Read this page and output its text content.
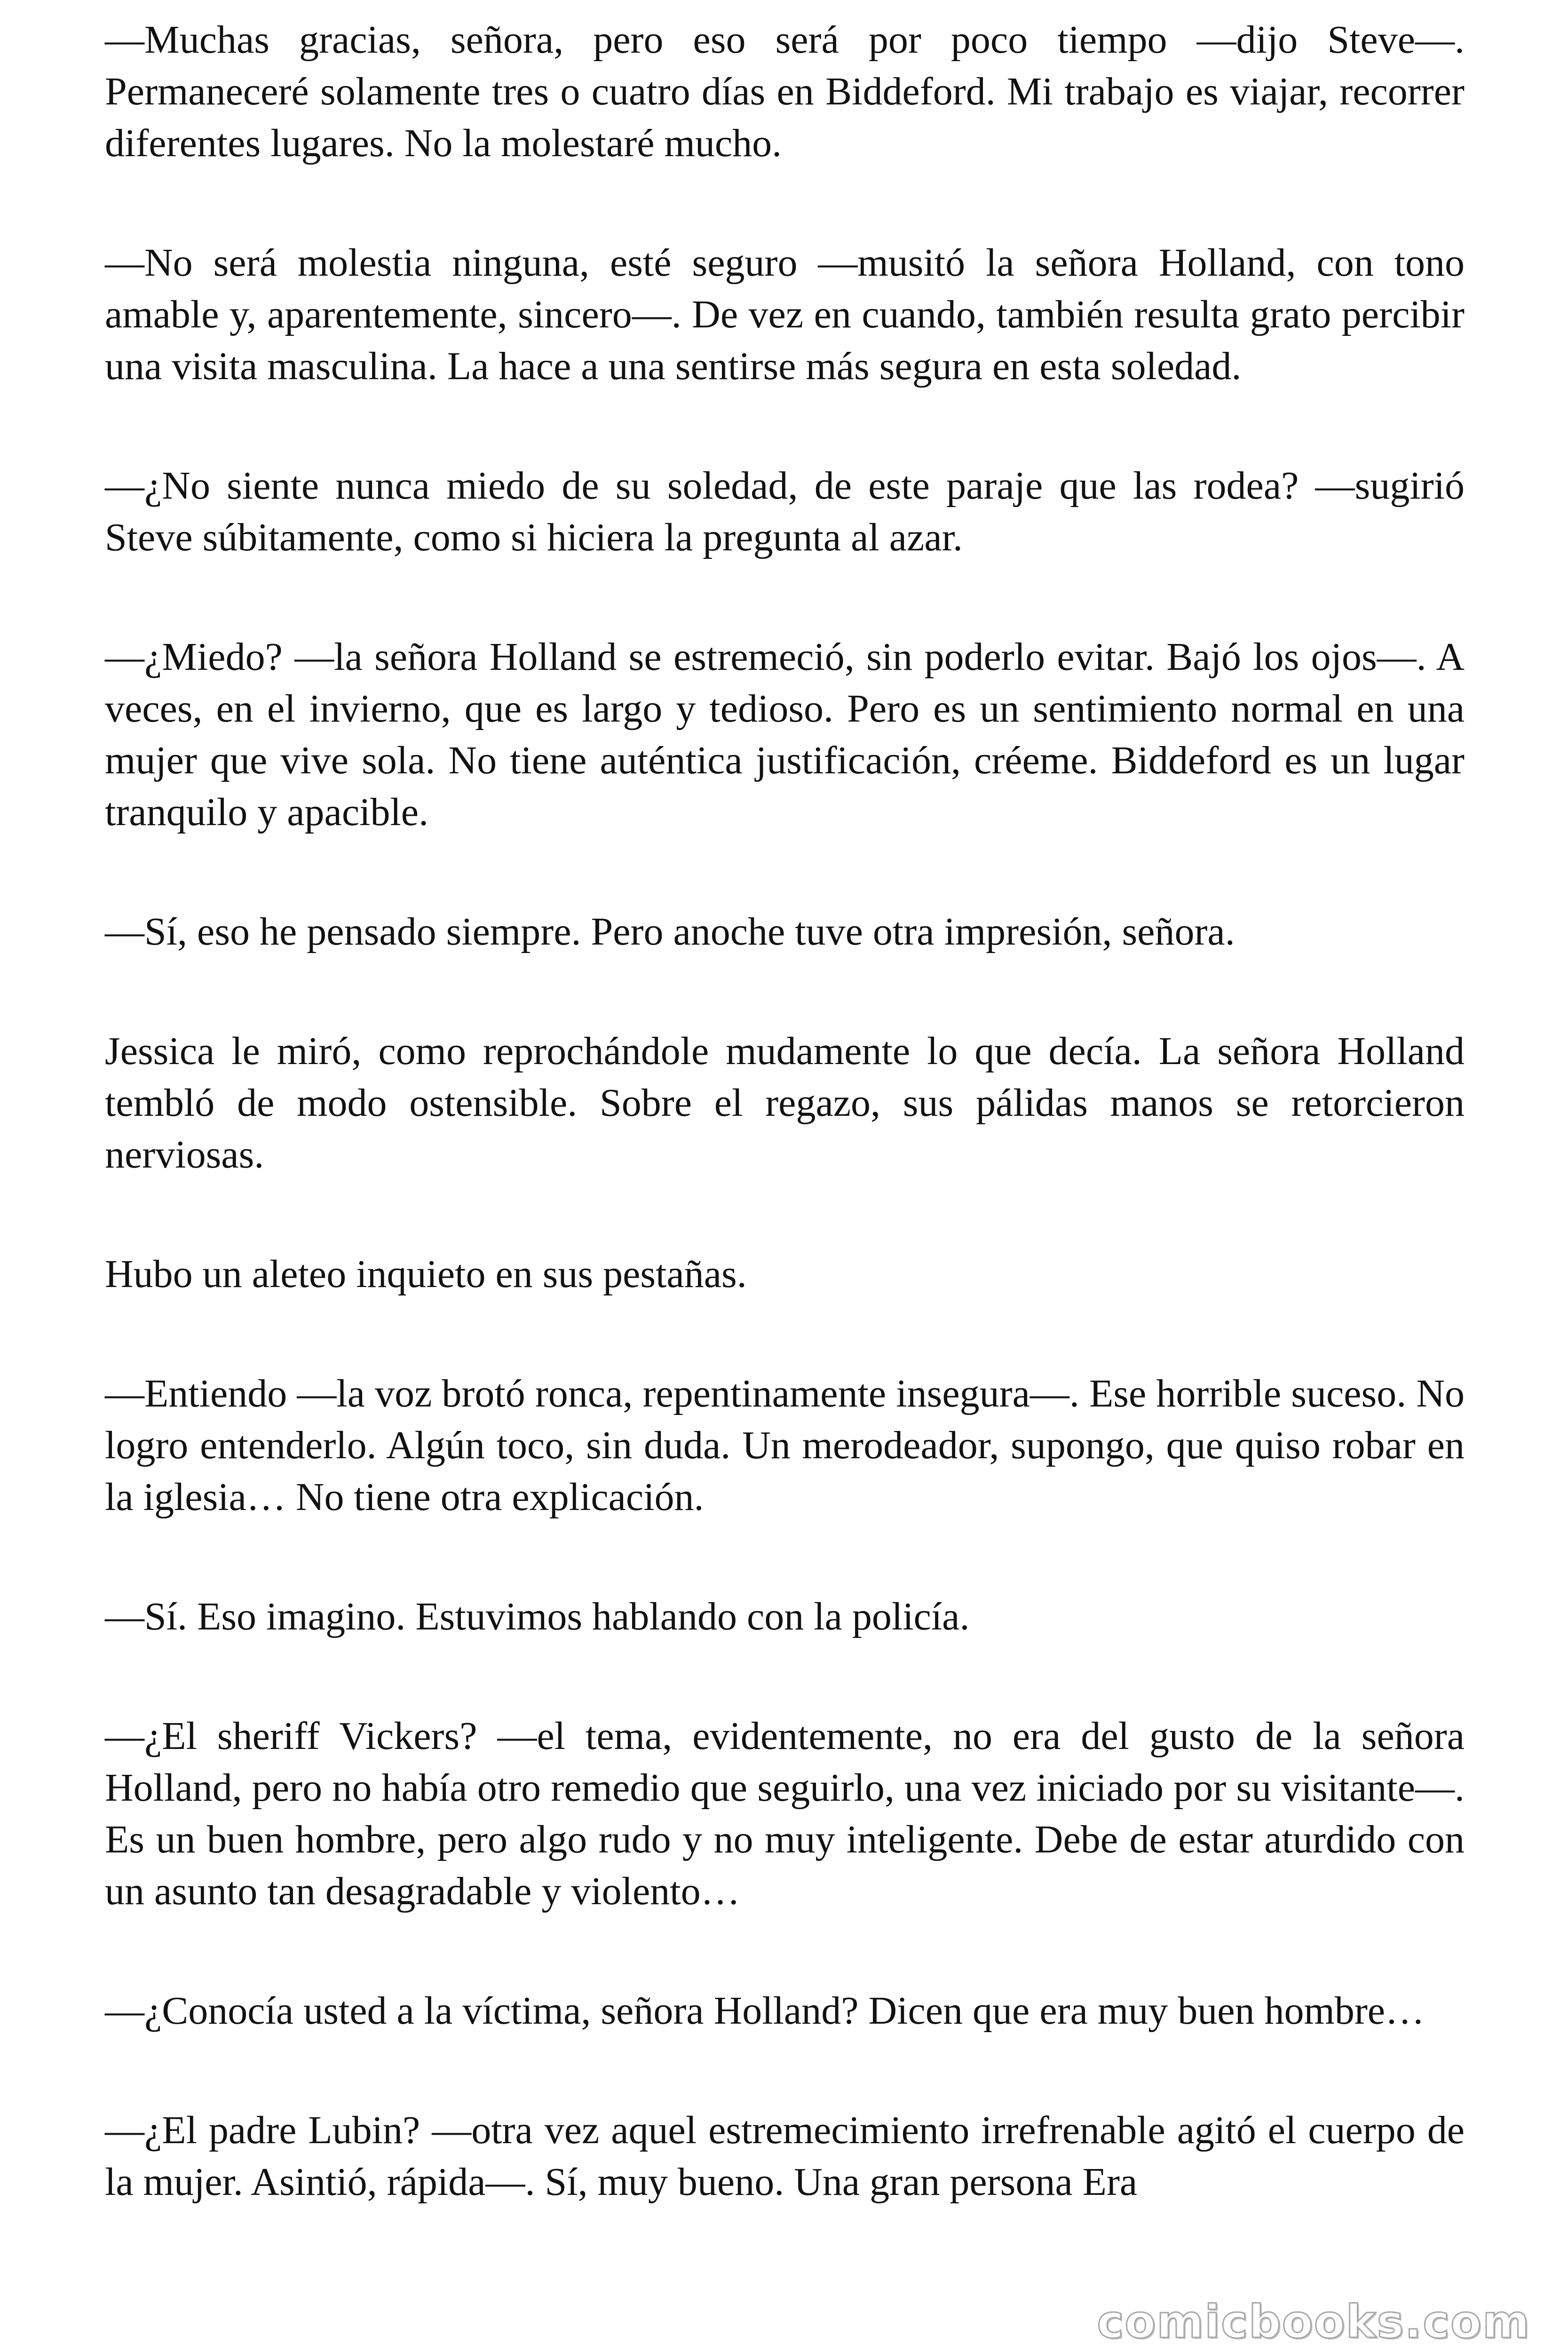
—Muchas gracias, señora, pero eso será por poco tiempo —dijo Steve—. Permaneceré solamente tres o cuatro días en Biddeford. Mi trabajo es viajar, recorrer diferentes lugares. No la molestaré mucho.

—No será molestia ninguna, esté seguro —musitó la señora Holland, con tono amable y, aparentemente, sincero—. De vez en cuando, también resulta grato percibir una visita masculina. La hace a una sentirse más segura en esta soledad.

—¿No siente nunca miedo de su soledad, de este paraje que las rodea? —sugirió Steve súbitamente, como si hiciera la pregunta al azar.

—¿Miedo? —la señora Holland se estremeció, sin poderlo evitar. Bajó los ojos—. A veces, en el invierno, que es largo y tedioso. Pero es un sentimiento normal en una mujer que vive sola. No tiene auténtica justificación, créeme. Biddeford es un lugar tranquilo y apacible.

—Sí, eso he pensado siempre. Pero anoche tuve otra impresión, señora.

Jessica le miró, como reprochándole mudamente lo que decía. La señora Holland tembló de modo ostensible. Sobre el regazo, sus pálidas manos se retorcieron nerviosas.

Hubo un aleteo inquieto en sus pestañas.

—Entiendo —la voz brotó ronca, repentinamente insegura—. Ese horrible suceso. No logro entenderlo. Algún toco, sin duda. Un merodeador, supongo, que quiso robar en la iglesia… No tiene otra explicación.

—Sí. Eso imagino. Estuvimos hablando con la policía.

—¿El sheriff Vickers? —el tema, evidentemente, no era del gusto de la señora Holland, pero no había otro remedio que seguirlo, una vez iniciado por su visitante—. Es un buen hombre, pero algo rudo y no muy inteligente. Debe de estar aturdido con un asunto tan desagradable y violento…

—¿Conocía usted a la víctima, señora Holland? Dicen que era muy buen hombre…

—¿El padre Lubin? —otra vez aquel estremecimiento irrefrenable agitó el cuerpo de la mujer. Asintió, rápida—. Sí, muy bueno. Una gran persona Era

comicbooks.com
